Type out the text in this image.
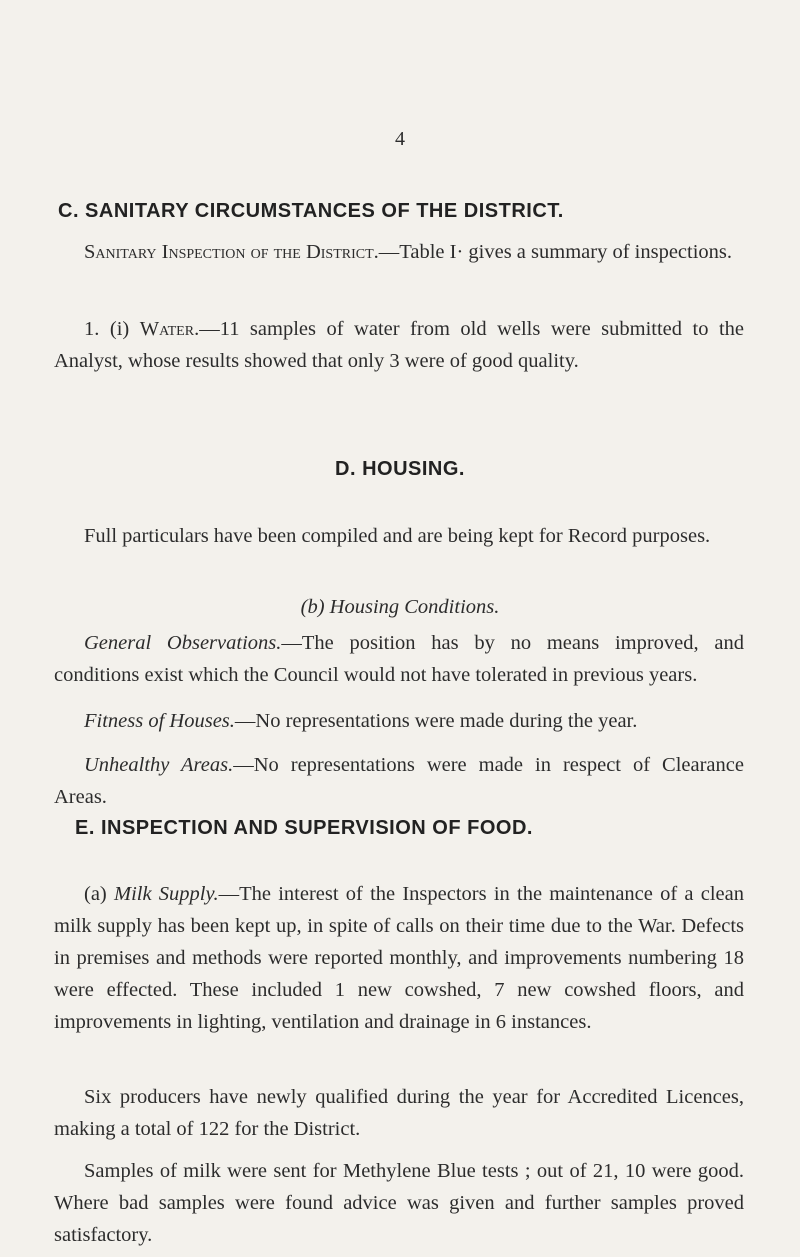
4
C. SANITARY CIRCUMSTANCES OF THE DISTRICT.

Sanitary Inspection of the District.—Table I· gives a summary of inspections.

1. (i) Water.—11 samples of water from old wells were submitted to the Analyst, whose results showed that only 3 were of good quality.

D. HOUSING.

Full particulars have been compiled and are being kept for Record purposes.

(b) Housing Conditions.

General Observations.—The position has by no means improved, and conditions exist which the Council would not have tolerated in previous years.

Fitness of Houses.—No representations were made during the year.

Unhealthy Areas.—No representations were made in respect of Clearance Areas.

E. INSPECTION AND SUPERVISION OF FOOD.

(a) Milk Supply.—The interest of the Inspectors in the maintenance of a clean milk supply has been kept up, in spite of calls on their time due to the War. Defects in premises and methods were reported monthly, and improvements numbering 18 were effected. These included 1 new cowshed, 7 new cowshed floors, and improvements in lighting, ventilation and drainage in 6 instances.

Six producers have newly qualified during the year for Accredited Licences, making a total of 122 for the District.

Samples of milk were sent for Methylene Blue tests ; out of 21, 10 were good. Where bad samples were found advice was given and further samples proved satisfactory.
